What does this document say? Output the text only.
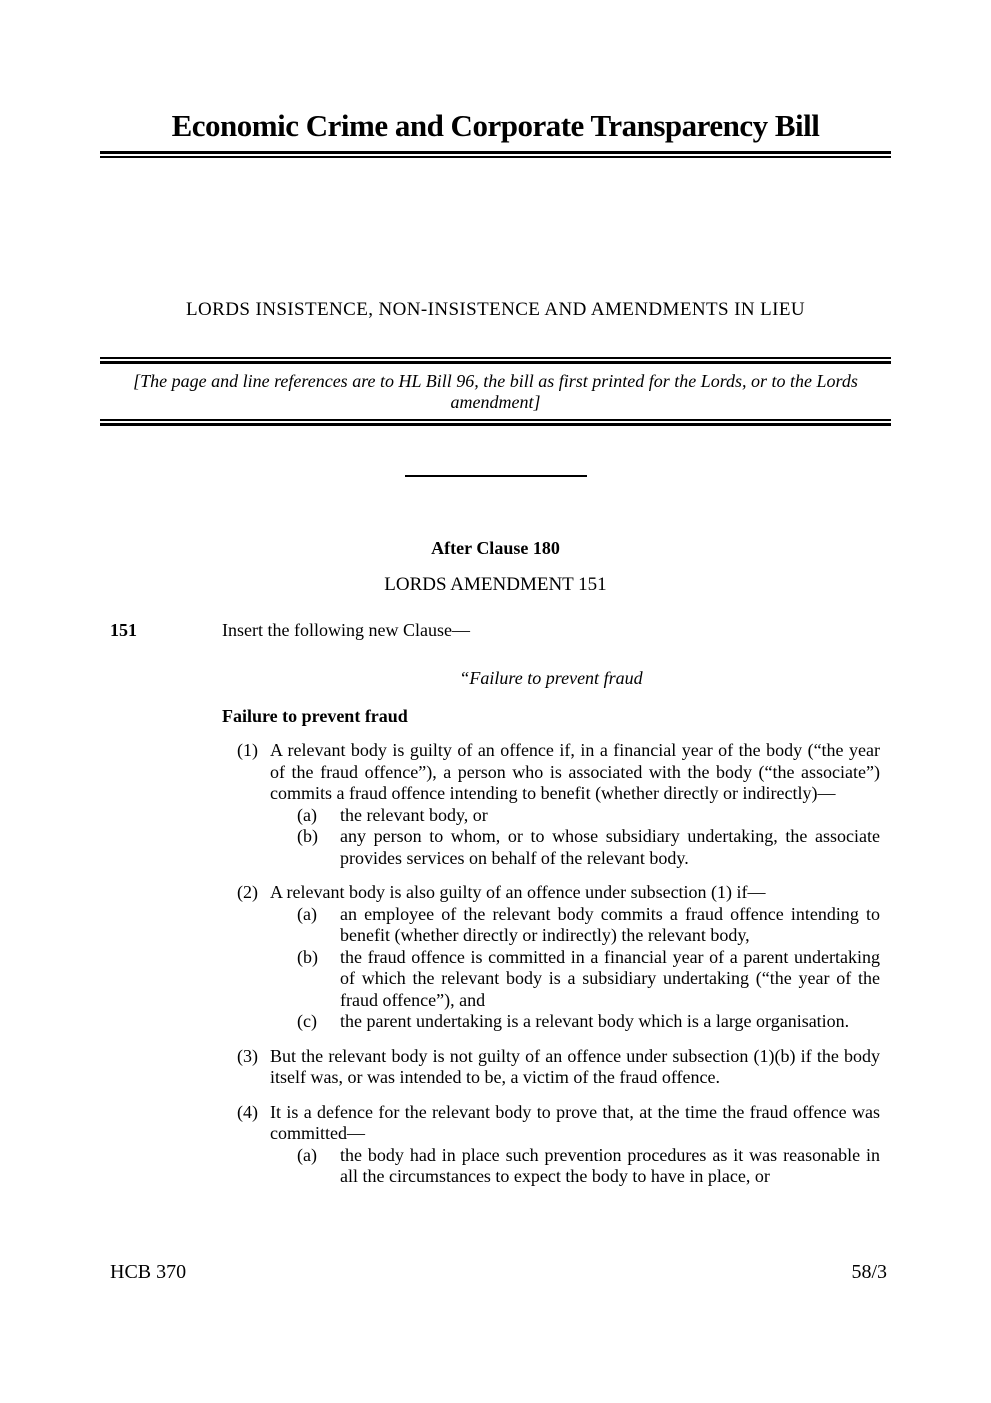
Economic Crime and Corporate Transparency Bill
LORDS INSISTENCE, NON-INSISTENCE AND AMENDMENTS IN LIEU

[The page and line references are to HL Bill 96, the bill as first printed for the Lords, or to the Lords amendment]

After Clause 180
LORDS AMENDMENT 151
151	Insert the following new Clause—
“Failure to prevent fraud
Failure to prevent fraud
(1) A relevant body is guilty of an offence if, in a financial year of the body (“the year of the fraud offence”), a person who is associated with the body (“the associate”) commits a fraud offence intending to benefit (whether directly or indirectly)—

(a) the relevant body, or

(b) any person to whom, or to whose subsidiary undertaking, the associate provides services on behalf of the relevant body.

(2) A relevant body is also guilty of an offence under subsection (1) if—

(a) an employee of the relevant body commits a fraud offence intending to benefit (whether directly or indirectly) the relevant body,

(b) the fraud offence is committed in a financial year of a parent undertaking of which the relevant body is a subsidiary undertaking (“the year of the fraud offence”), and

(c) the parent undertaking is a relevant body which is a large organisation.

(3) But the relevant body is not guilty of an offence under subsection (1)(b) if the body itself was, or was intended to be, a victim of the fraud offence.

(4) It is a defence for the relevant body to prove that, at the time the fraud offence was committed—

(a) the body had in place such prevention procedures as it was reasonable in all the circumstances to expect the body to have in place, or

HCB 370	58/3
